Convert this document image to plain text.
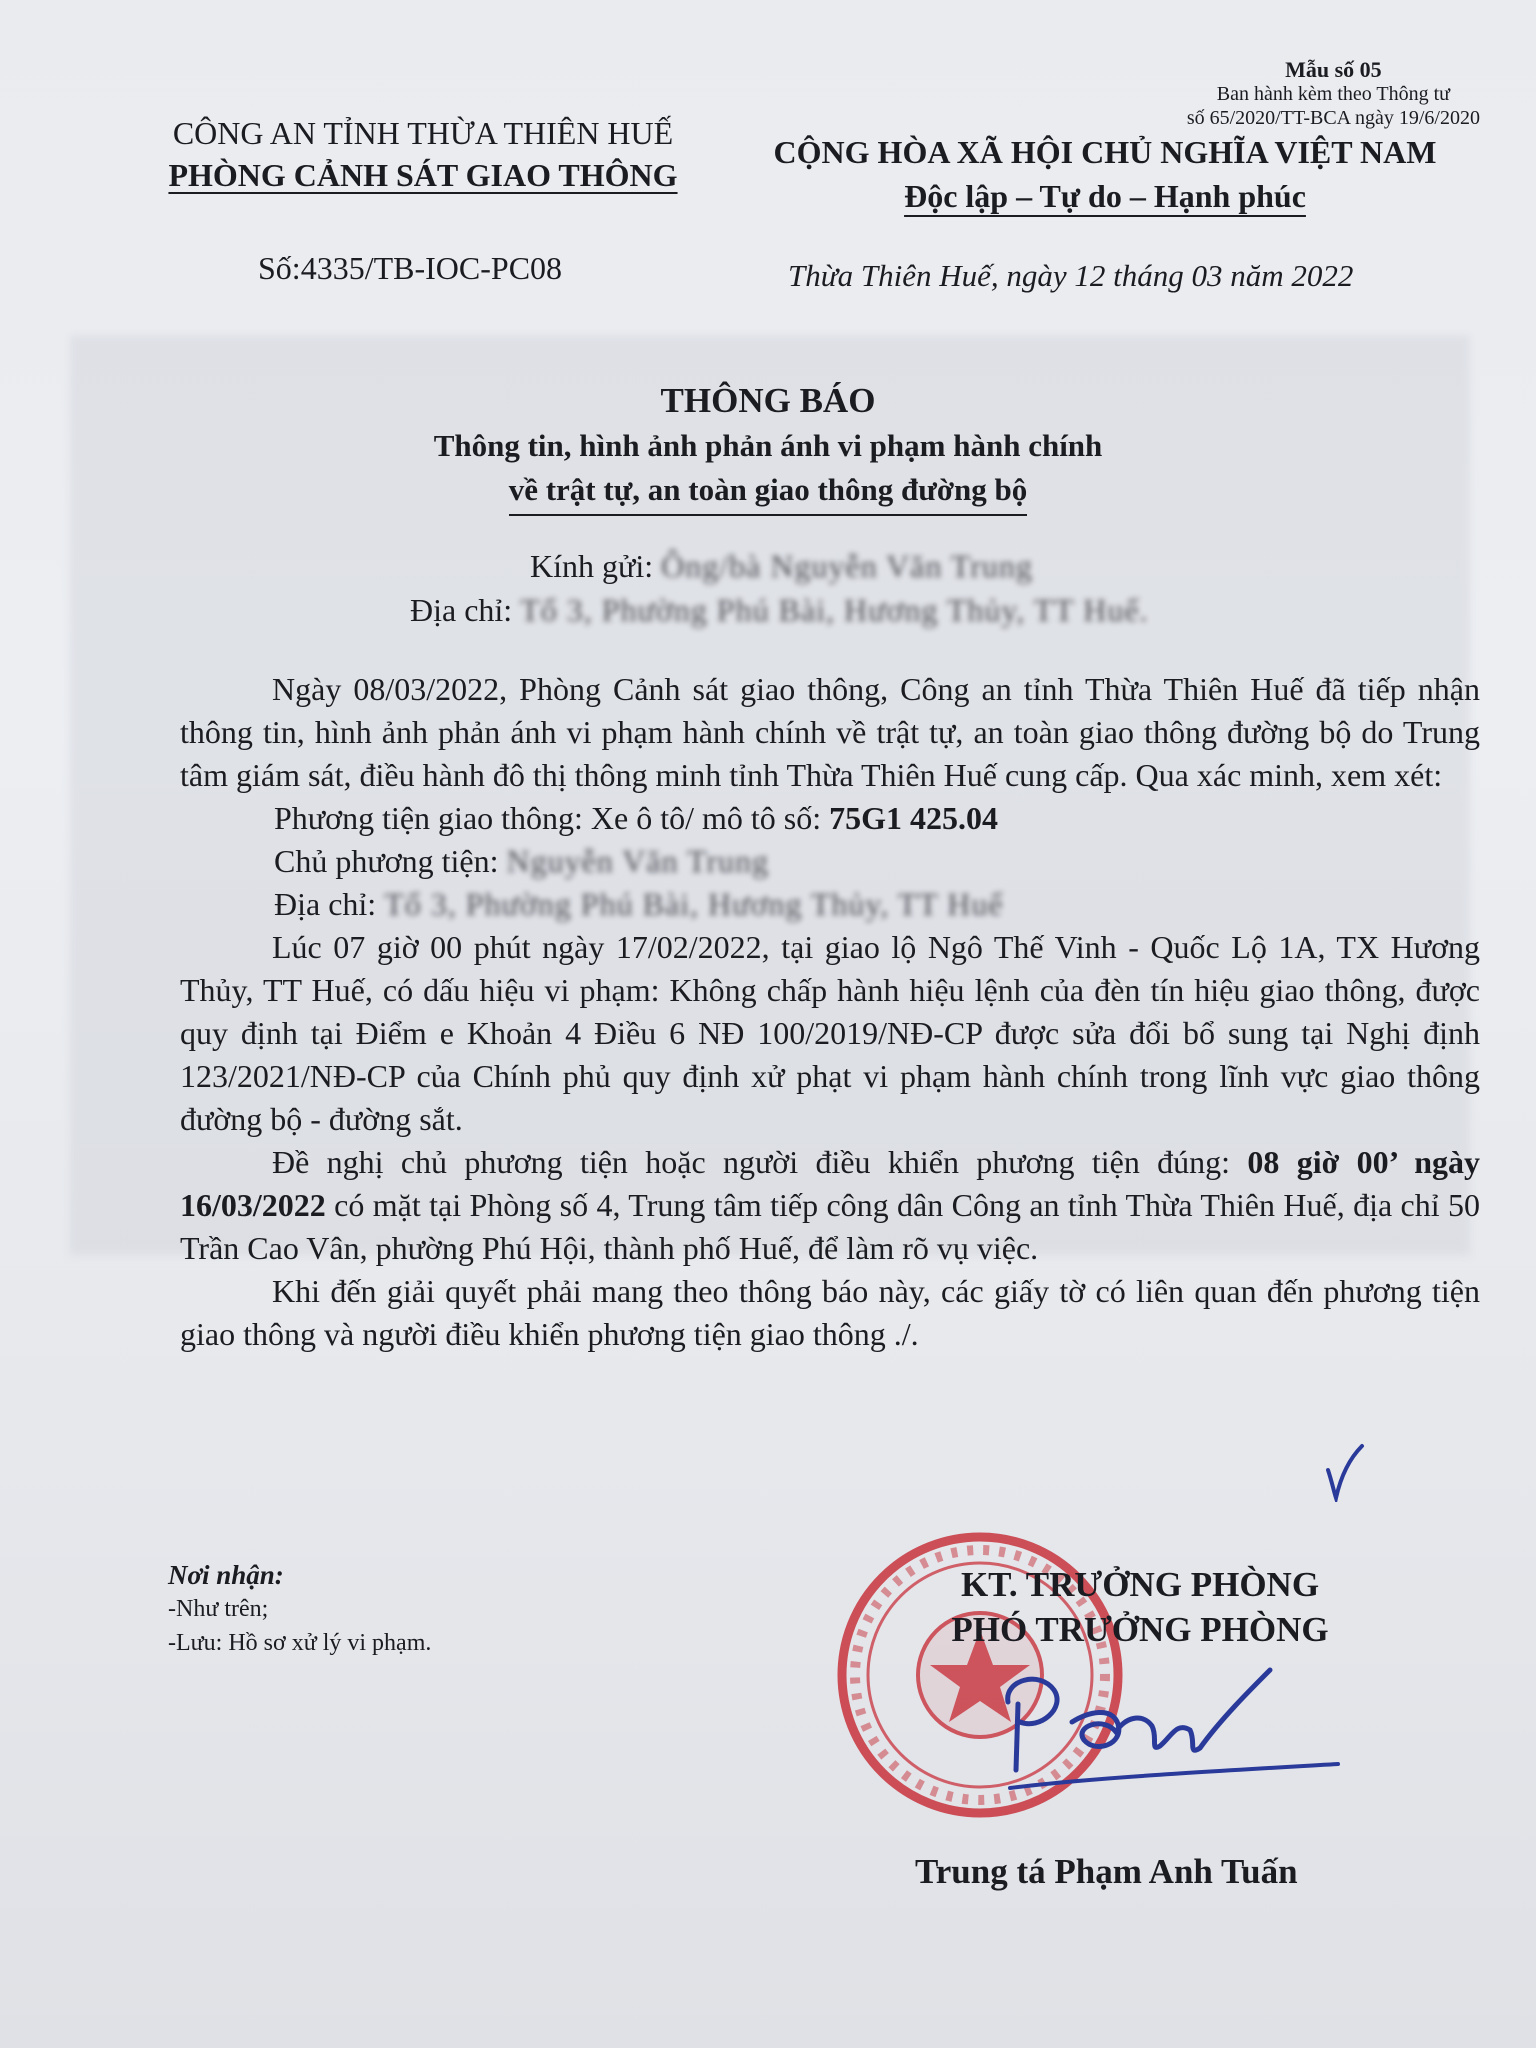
Mẫu số 05
Ban hành kèm theo Thông tư
số 65/2020/TT-BCA ngày 19/6/2020
CÔNG AN TỈNH THỪA THIÊN HUẾ
PHÒNG CẢNH SÁT GIAO THÔNG
CỘNG HÒA XÃ HỘI CHỦ NGHĨA VIỆT NAM
Độc lập – Tự do – Hạnh phúc
Số:4335/TB-IOC-PC08	Thừa Thiên Huế, ngày 12 tháng 03 năm 2022
THÔNG BÁO
Thông tin, hình ảnh phản ánh vi phạm hành chính
về trật tự, an toàn giao thông đường bộ
Kính gửi: Ông/bà Nguyễn Văn Trung
Địa chỉ: Tổ 3, Phường Phú Bài, Hương Thủy, TT Huế.

Ngày 08/03/2022, Phòng Cảnh sát giao thông, Công an tỉnh Thừa Thiên Huế đã tiếp nhận thông tin, hình ảnh phản ánh vi phạm hành chính về trật tự, an toàn giao thông đường bộ do Trung tâm giám sát, điều hành đô thị thông minh tỉnh Thừa Thiên Huế cung cấp. Qua xác minh, xem xét:

Phương tiện giao thông: Xe ô tô/ mô tô số: 75G1 425.04

Chủ phương tiện: Nguyễn Văn Trung

Địa chỉ: Tổ 3, Phường Phú Bài, Hương Thủy, TT Huế

Lúc 07 giờ 00 phút ngày 17/02/2022, tại giao lộ Ngô Thế Vinh - Quốc Lộ 1A, TX Hương Thủy, TT Huế, có dấu hiệu vi phạm: Không chấp hành hiệu lệnh của đèn tín hiệu giao thông, được quy định tại Điểm e Khoản 4 Điều 6 NĐ 100/2019/NĐ-CP được sửa đổi bổ sung tại Nghị định 123/2021/NĐ-CP của Chính phủ quy định xử phạt vi phạm hành chính trong lĩnh vực giao thông đường bộ - đường sắt.

Đề nghị chủ phương tiện hoặc người điều khiển phương tiện đúng: 08 giờ 00’ ngày 16/03/2022 có mặt tại Phòng số 4, Trung tâm tiếp công dân Công an tỉnh Thừa Thiên Huế, địa chỉ 50 Trần Cao Vân, phường Phú Hội, thành phố Huế, để làm rõ vụ việc.

Khi đến giải quyết phải mang theo thông báo này, các giấy tờ có liên quan đến phương tiện giao thông và người điều khiển phương tiện giao thông ./.

Nơi nhận:
-Như trên;
-Lưu: Hồ sơ xử lý vi phạm.
KT. TRƯỞNG PHÒNG
PHÓ TRƯỞNG PHÒNG
Trung tá Phạm Anh Tuấn
